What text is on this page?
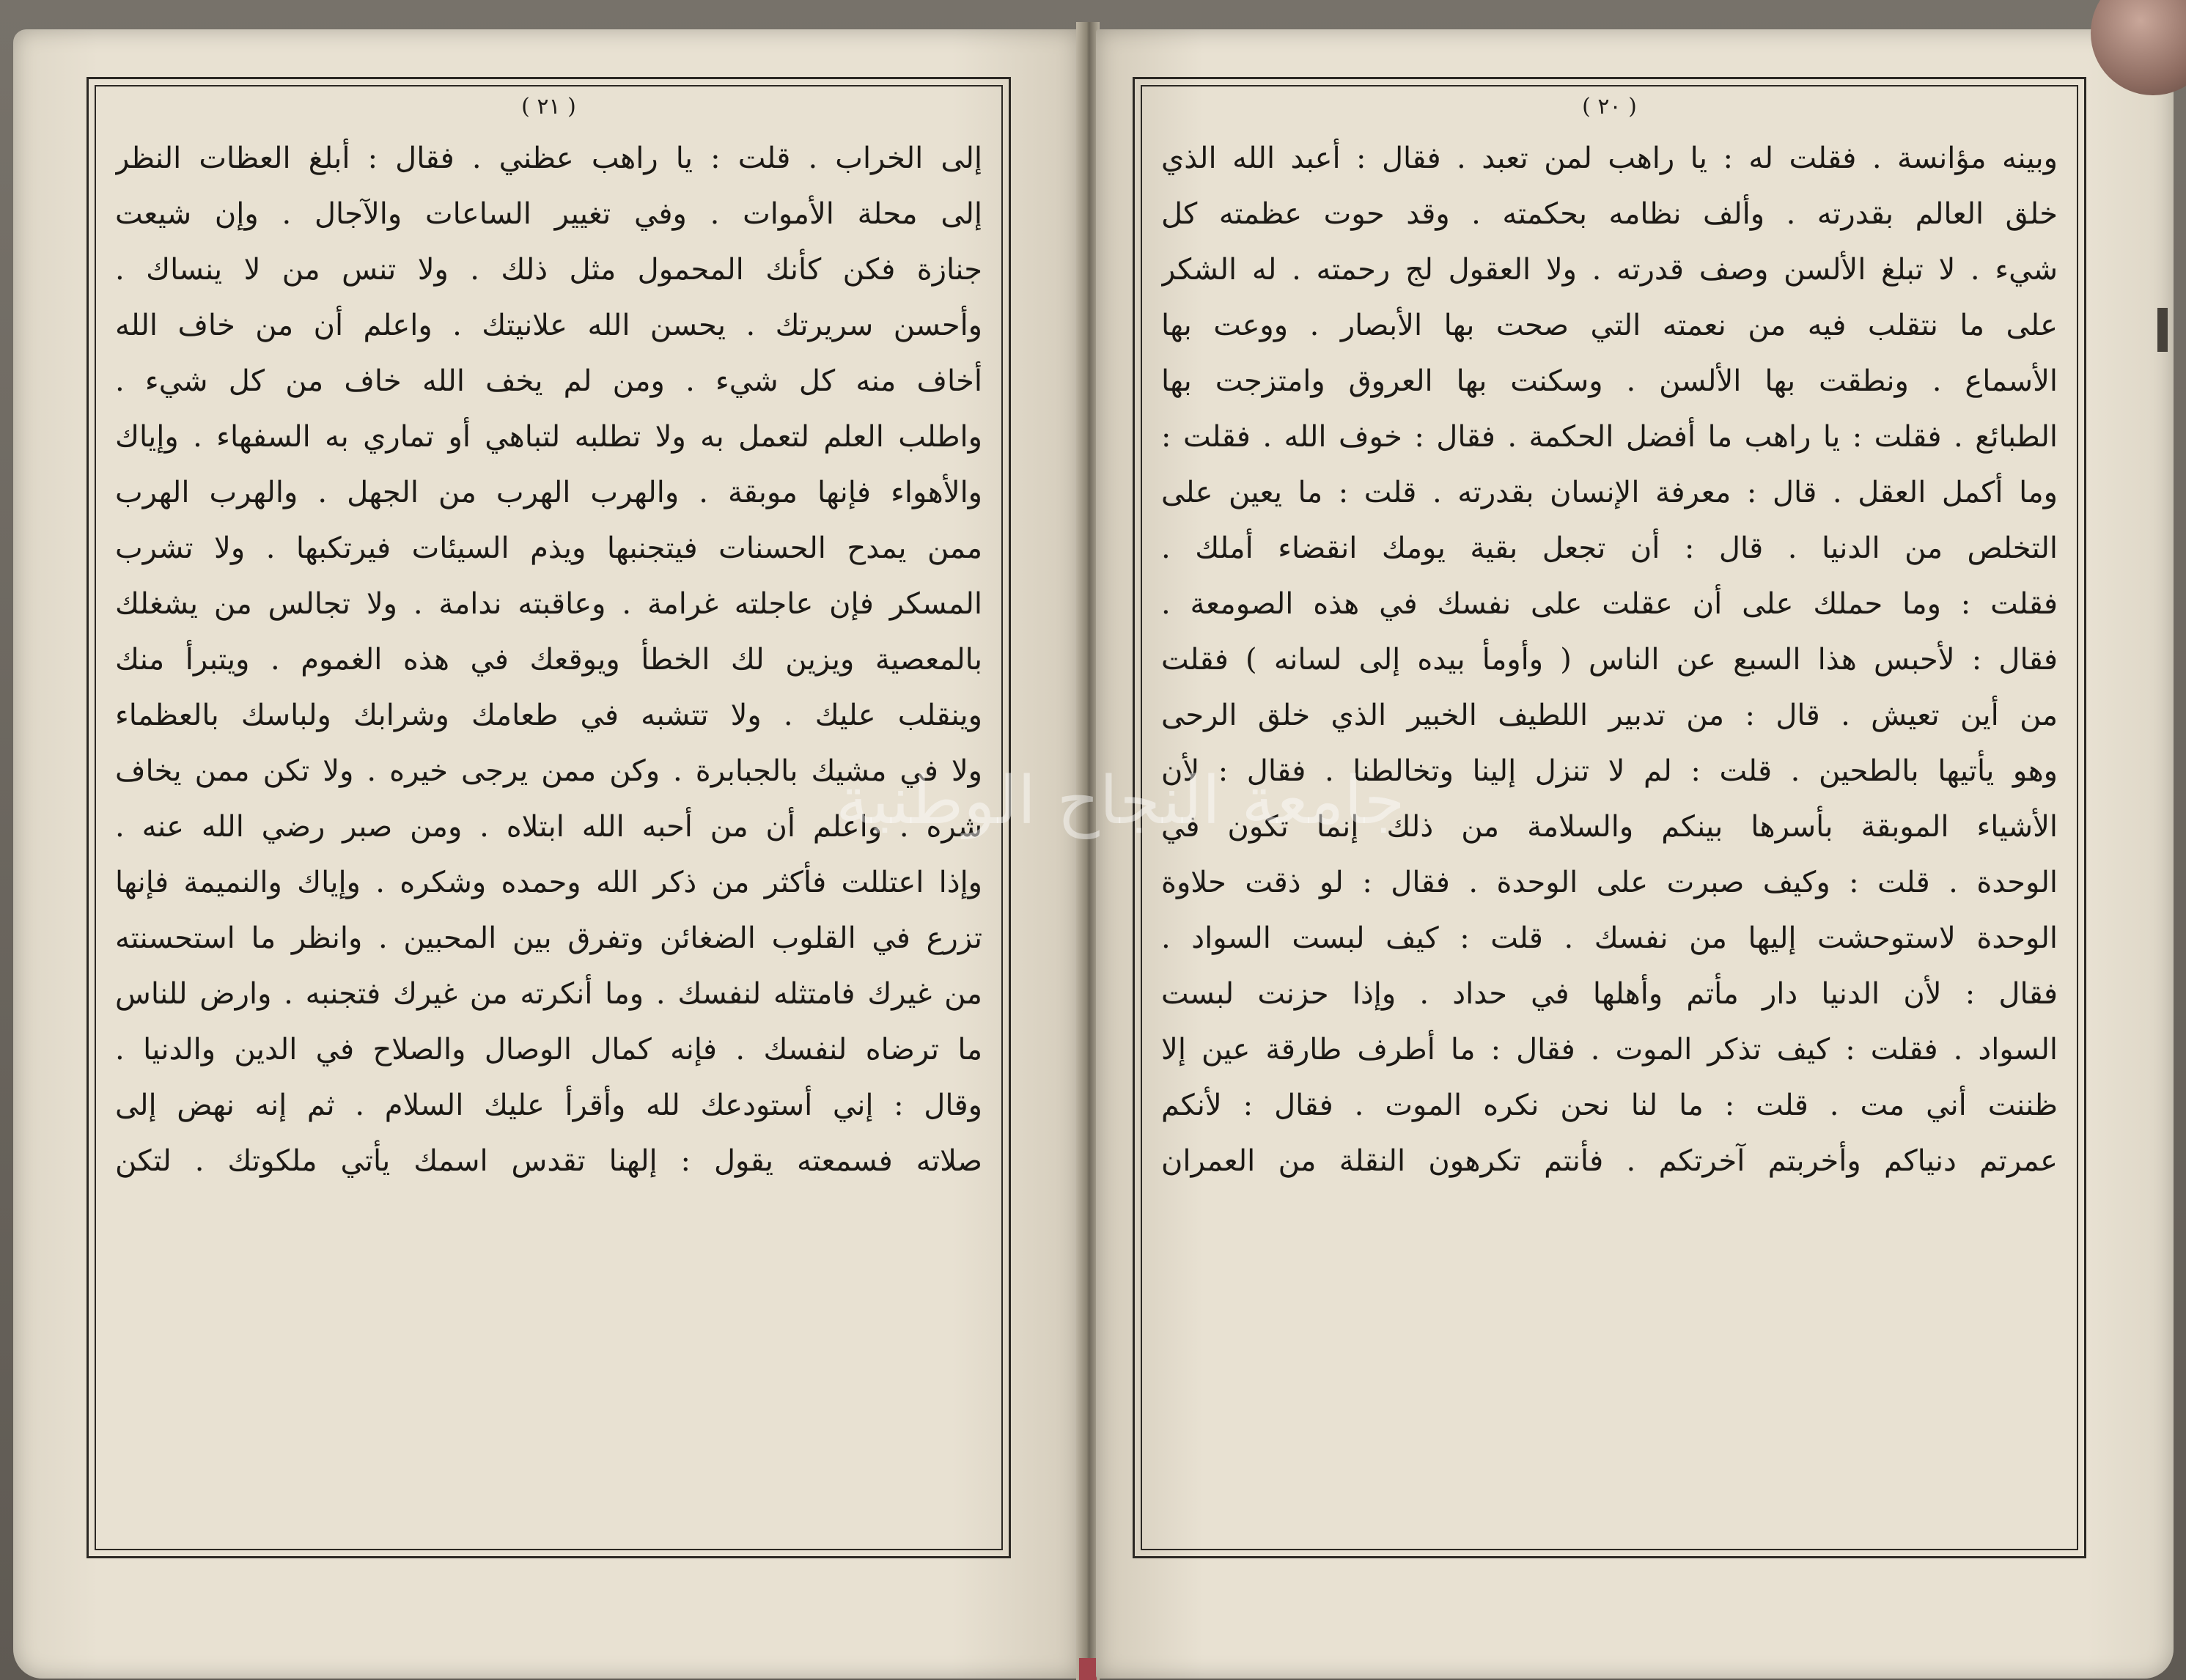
( ٢١ )
إلى الخراب . قلت : يا راهب عظني . فقال : أبلغ العظات النظر
إلى محلة الأموات . وفي تغيير الساعات والآجال . وإن شيعت
جنازة فكن كأنك المحمول مثل ذلك . ولا تنس من لا ينساك .
وأحسن سريرتك . يحسن الله علانيتك . واعلم أن من خاف الله
أخاف منه كل شيء . ومن لم يخف الله خاف من كل شيء .
واطلب العلم لتعمل به ولا تطلبه لتباهي أو تماري به السفهاء . وإياك
والأهواء فإنها موبقة . والهرب الهرب من الجهل . والهرب الهرب
ممن يمدح الحسنات فيتجنبها ويذم السيئات فيرتكبها . ولا تشرب
المسكر فإن عاجلته غرامة . وعاقبته ندامة . ولا تجالس من يشغلك
بالمعصية ويزين لك الخطأ ويوقعك في هذه الغموم . ويتبرأ منك
وينقلب عليك . ولا تتشبه في طعامك وشرابك ولباسك بالعظماء
ولا في مشيك بالجبابرة . وكن ممن يرجى خيره . ولا تكن ممن يخاف
شره . واعلم أن من أحبه الله ابتلاه . ومن صبر رضي الله عنه .
وإذا اعتللت فأكثر من ذكر الله وحمده وشكره . وإياك والنميمة فإنها
تزرع في القلوب الضغائن وتفرق بين المحبين . وانظر ما استحسنته
من غيرك فامتثله لنفسك . وما أنكرته من غيرك فتجنبه . وارض للناس
ما ترضاه لنفسك . فإنه كمال الوصال والصلاح في الدين والدنيا .
وقال : إني أستودعك لله وأقرأ عليك السلام . ثم إنه نهض إلى
صلاته فسمعته يقول : إلهنا تقدس اسمك يأتي ملكوتك . لتكن
( ٢٠ )
وبينه مؤانسة . فقلت له : يا راهب لمن تعبد . فقال : أعبد الله الذي
خلق العالم بقدرته . وألف نظامه بحكمته . وقد حوت عظمته كل
شيء . لا تبلغ الألسن وصف قدرته . ولا العقول لج رحمته . له الشكر
على ما نتقلب فيه من نعمته التي صحت بها الأبصار . ووعت بها
الأسماع . ونطقت بها الألسن . وسكنت بها العروق وامتزجت بها
الطبائع . فقلت : يا راهب ما أفضل الحكمة . فقال : خوف الله . فقلت :
وما أكمل العقل . قال : معرفة الإنسان بقدرته . قلت : ما يعين على
التخلص من الدنيا . قال : أن تجعل بقية يومك انقضاء أملك .
فقلت : وما حملك على أن عقلت على نفسك في هذه الصومعة .
فقال : لأحبس هذا السبع عن الناس ( وأومأ بيده إلى لسانه ) فقلت
من أين تعيش . قال : من تدبير اللطيف الخبير الذي خلق الرحى
وهو يأتيها بالطحين . قلت : لم لا تنزل إلينا وتخالطنا . فقال : لأن
الأشياء الموبقة بأسرها بينكم والسلامة من ذلك إنما تكون في
الوحدة . قلت : وكيف صبرت على الوحدة . فقال : لو ذقت حلاوة
الوحدة لاستوحشت إليها من نفسك . قلت : كيف لبست السواد .
فقال : لأن الدنيا دار مأتم وأهلها في حداد . وإذا حزنت لبست
السواد . فقلت : كيف تذكر الموت . فقال : ما أطرف طارقة عين إلا
ظننت أني مت . قلت : ما لنا نحن نكره الموت . فقال : لأنكم
عمرتم دنياكم وأخربتم آخرتكم . فأنتم تكرهون النقلة من العمران
جامعة النجاح الوطنية
